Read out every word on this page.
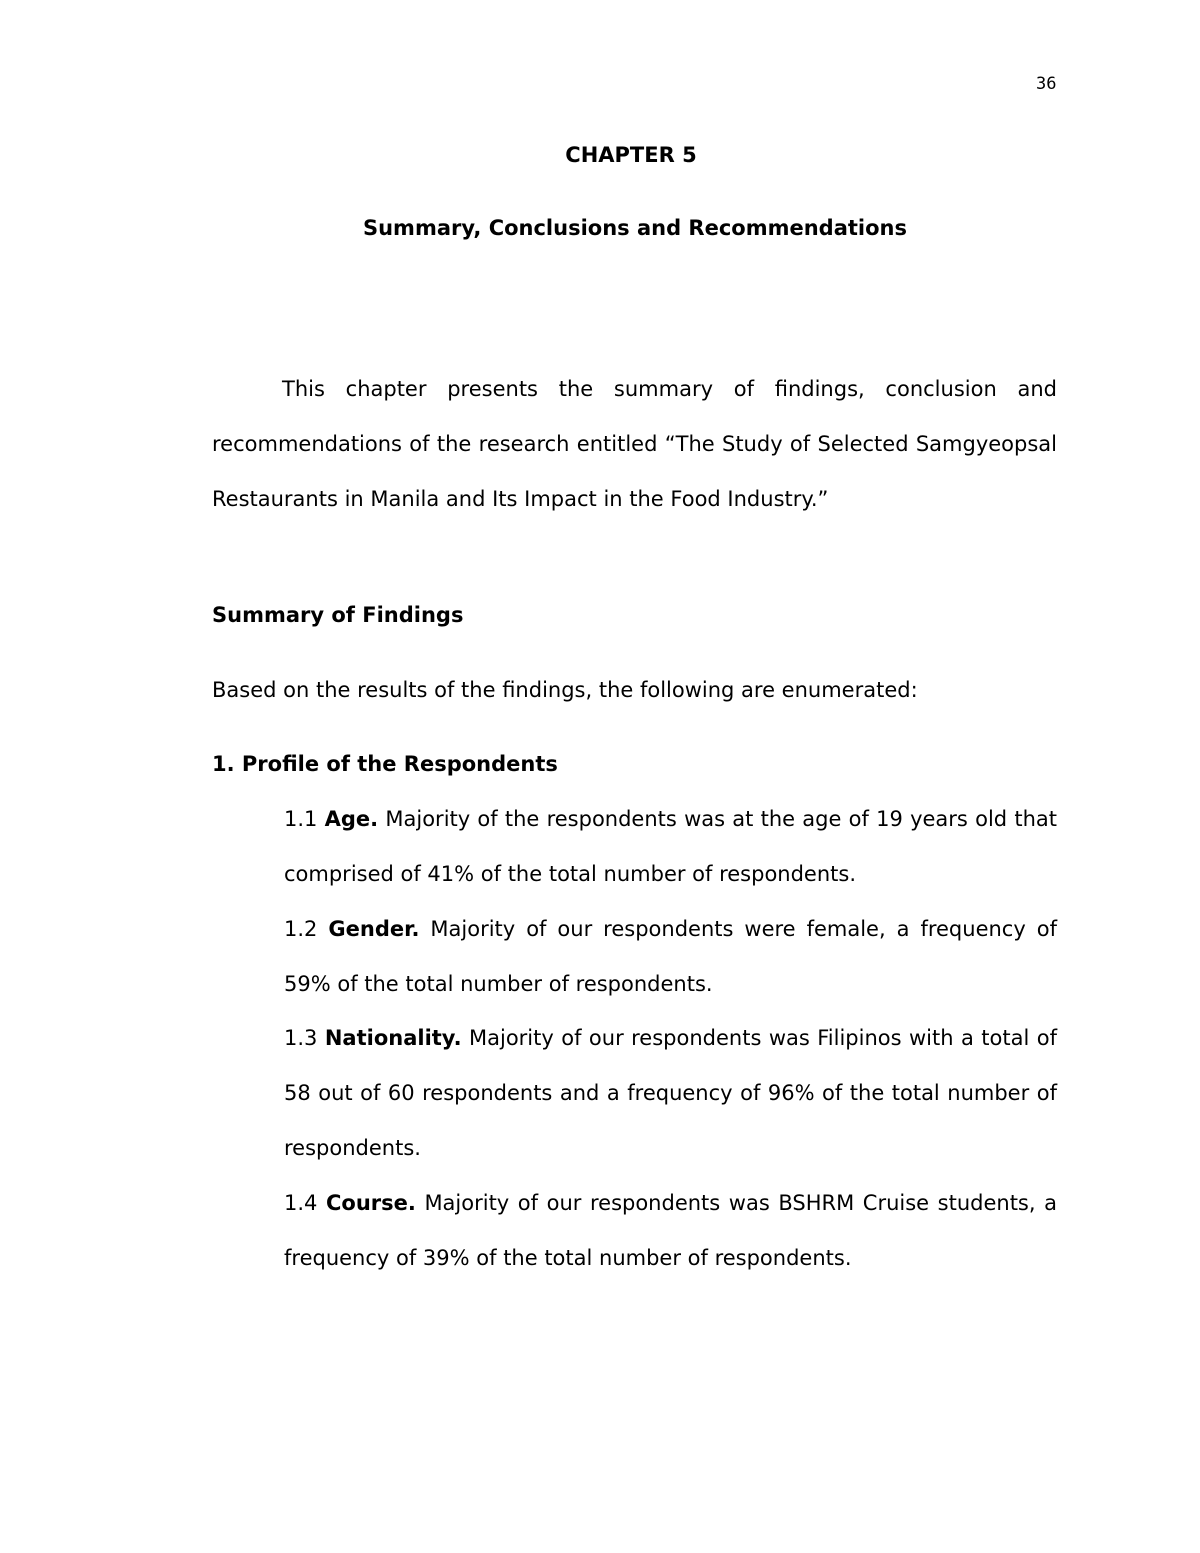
36
CHAPTER 5
Summary, Conclusions and Recommendations

This chapter presents the summary of findings, conclusion and recommendations of the research entitled “The Study of Selected Samgyeopsal Restaurants in Manila and Its Impact in the Food Industry.”

Summary of Findings
Based on the results of the findings, the following are enumerated:
1. Profile of the Respondents

1.1 Age. Majority of the respondents was at the age of 19 years old that comprised of 41% of the total number of respondents.

1.2 Gender. Majority of our respondents were female, a frequency of 59% of the total number of respondents.

1.3 Nationality. Majority of our respondents was Filipinos with a total of 58 out of 60 respondents and a frequency of 96% of the total number of respondents.

1.4 Course. Majority of our respondents was BSHRM Cruise students, a frequency of 39% of the total number of respondents.
